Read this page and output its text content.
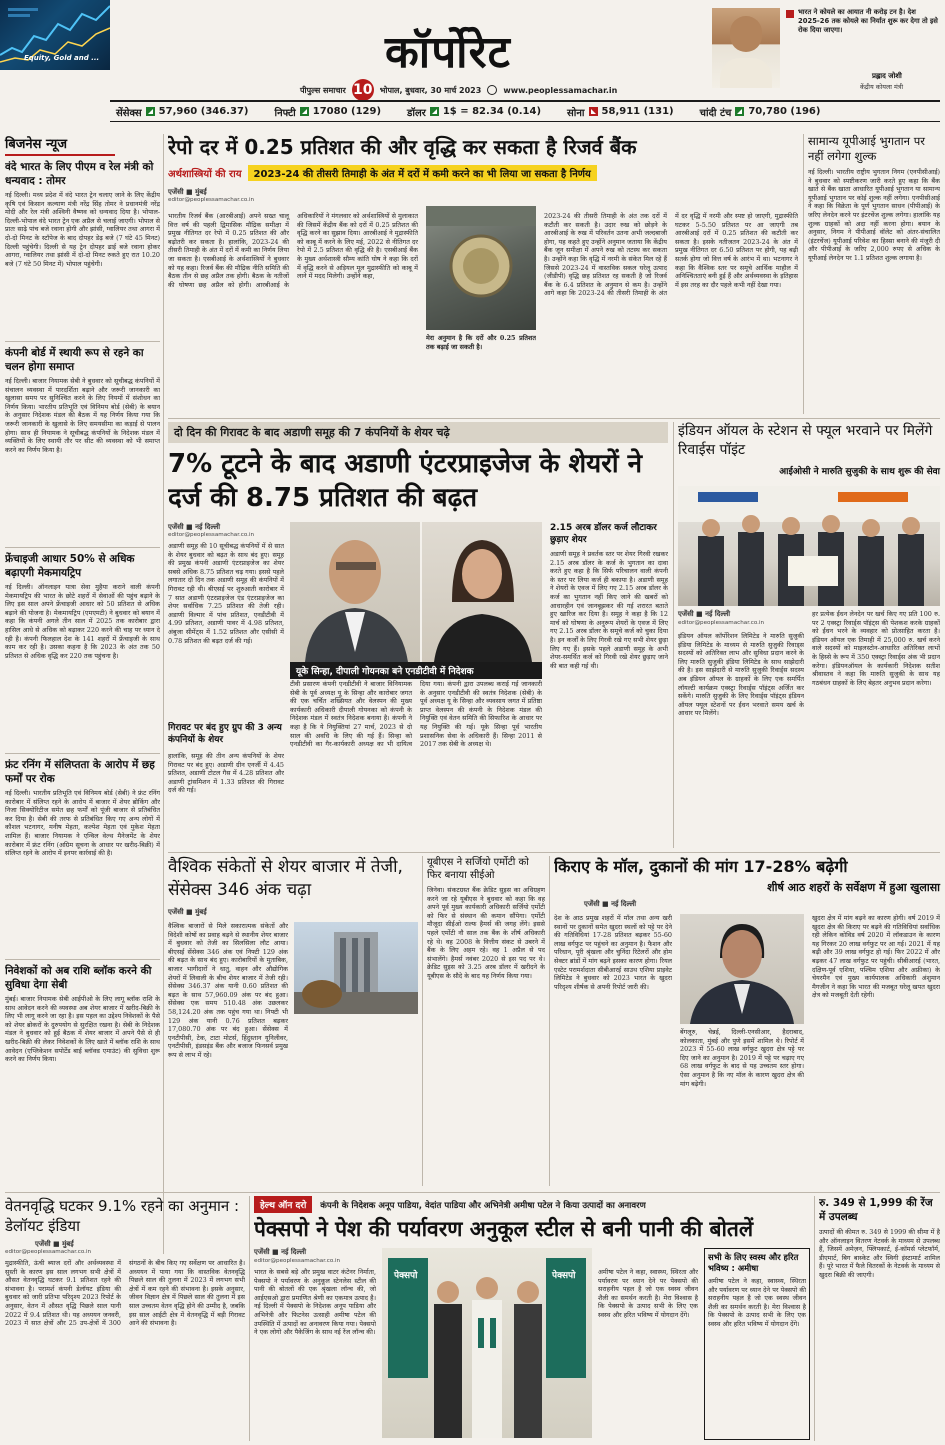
Equity, Gold and ...	कॉर्पोरेट
पीपुल्स समाचार 10 भोपाल, बुधवार, 30 मार्च 2023	www.peoplessamachar.in
भारत ने कोयले का आयात नी करोड़ टन है। देश 2025-26 तक कोयले का निर्यात शुरू कर देगा तो इसे रोक दिया जाएगा।
प्रह्लाद जोशी
केंद्रीय कोयला मंत्री
सेंसेक्स 57,960 (346.37)	निफ्टी 17080 (129)	डॉलर 1$ = 82.34 (0.14)	सोना 58,911 (131)	चांदी टंच 70,780 (196)
बिजनेस न्यूज
वंदे भारत के लिए पीएम व रेल मंत्री को धन्यवाद : तोमर
नई दिल्ली। मध्य प्रदेश में वंदे भारत ट्रेन चलाए जाने के लिए केंद्रीय कृषि एवं किसान कल्याण मंत्री नरेंद्र सिंह तोमर ने प्रधानमंत्री नरेंद्र मोदी और रेल मंत्री अश्विनी वैष्णव को धन्यवाद दिया है। भोपाल-दिल्ली-भोपाल वंदे भारत ट्रेन एक अप्रैल से चलाई जाएगी। भोपाल से प्रातः साढ़े पांच बजे रवाना होगी और झांसी, ग्वालियर तथा आगरा में दो-दो मिनट के स्टॉपेज के बाद दोपहर डेढ़ बजे (7 घंटे 45 मिनट) दिल्ली पहुंचेगी। दिल्ली से यह ट्रेन दोपहर ढाई बजे रवाना होकर आगरा, ग्वालियर तथा झांसी में दो-दो मिनट रुकते हुए रात 10.20 बजे (7 घंटे 50 मिनट में) भोपाल पहुंचेगी।
कंपनी बोर्ड में स्थायी रूप से रहने का चलन होगा समाप्त
नई दिल्ली। बाजार नियामक सेबी ने बुधवार को सूचीबद्ध कंपनियों में संचालन व्यवस्था में पारदर्शिता बढ़ाने और जरूरी जानकारी का खुलासा समय पर सुनिश्चित करने के लिए नियमों में संशोधन का निर्णय किया। भारतीय प्रतिभूति एवं विनिमय बोर्ड (सेबी) के बयान के अनुसार निदेशक मंडल की बैठक में यह निर्णय किया गया कि जरूरी जानकारी के खुलासे के लिए समयसीमा का कड़ाई से पालन होगा। साथ ही नियामक ने सूचीबद्ध कंपनियों के निदेशक मंडल में व्यक्तियों के लिए स्थायी तौर पर सीट की व्यवस्था को भी समाप्त करने का निर्णय किया है।
फ्रेंचाइजी आधार 50% से अधिक बढ़ाएगी मेकमायट्रिप
नई दिल्ली। ऑनलाइन यात्रा सेवा मुहैया कराने वाली कंपनी मेकमायट्रिप की भारत के छोटे शहरों में सेवाओं की पहुंच बढ़ाने के लिए इस साल अपने फ्रेंचाइजी आधार को 50 प्रतिशत से अधिक बढ़ाने की योजना है। मेकमायट्रिप (एमएमटी) ने बुधवार को बयान में कहा कि कंपनी अगले तीन साल में 2025 तक कारोबार द्वारा हासिल आधे से अधिक को बढ़ाकर 220 करने की चाह पर ध्यान दे रही है। कंपनी फिलहाल देश के 141 शहरों में फ्रेंचाइजी के साथ काम कर रही है। उसका कहना है कि 2023 के अंत तक 50 प्रतिशत से अधिक वृद्धि कर 220 तक पहुंचना है।
फ्रंट रनिंग में संलिप्तता के आरोप में छह फर्मों पर रोक
नई दिल्ली। भारतीय प्रतिभूति एवं विनिमय बोर्ड (सेबी) ने फ्रंट रनिंग कारोबार में संलिप्त रहने के आरोप में बाजार में शेयर ब्रोकिंग और निजा सिक्योरिटीज समेत छह फर्मों को पूंजी बाजार से प्रतिबंधित कर दिया है। सेबी की तरफ से प्रतिबंधित किए गए अन्य लोगों में कौशल भटनागर, मनीष मेहता, कल्पेश मेहता एवं मुकेश मेहता शामिल हैं। बाजार नियामक ने एन्विल वेल्थ मैनेजमेंट के शेयर कारोबार में फ्रंट रनिंग (अग्रिम सूचना के आधार पर खरीद-बिक्री) में संलिप्त रहने के आरोप में इनपर कार्रवाई की है।
निवेशकों को अब राशि ब्लॉक करने की सुविधा देगा सेबी
मुंबई। बाजार नियामक सेबी आईपीओ के लिए लागू ब्लॉक राशि के साथ आवेदन करने की व्यवस्था अब शेयर बाजार में खरीद-बिक्री के लिए भी लागू करने जा रहा है। इस पहल का उद्देश्य निवेशकों के पैसे को शेयर ब्रोकरों के दुरुपयोग से सुरक्षित रखना है। सेबी के निदेशक मंडल ने बुधवार को हुई बैठक में शेयर बाजार में अपने पैसे से ही खरीद-बिक्री की लेकर निवेशकों के लिए खाते में ब्लॉक राशि के साथ आवेदन (एप्लिकेशन सपोर्टेड बाई ब्लॉक्ड एमाउंट) की सुविधा शुरू करने का निर्णय किया।
रेपो दर में 0.25 प्रतिशत की और वृद्धि कर सकता है रिजर्व बैंक
अर्थशास्त्रियों की राय	2023-24 की तीसरी तिमाही के अंत में दरों में कमी करने का भी लिया जा सकता है निर्णय
एजेंसी ■ मुंबई
editor@peoplessamachar.co.in
भारतीय रिजर्व बैंक (आरबीआई) अपने सख्त चालू वित्त वर्ष की पहली द्विमासिक मौद्रिक समीक्षा में प्रमुख नीतिगत दर रेपो में 0.25 प्रतिशत की और बढ़ोतरी कर सकता है। हालांकि, 2023-24 की तीसरी तिमाही के अंत में दरों में कमी का निर्णय लिया जा सकता है। एसबीआई के अर्थशास्त्रियों ने बुधवार को यह कहा। रिजर्व बैंक की मौद्रिक नीति समिति की बैठक तीन से छह अप्रैल तक होगी। बैठक के नतीजों की घोषणा छह अप्रैल को होगी। आरबीआई के अधिकारियों ने मंगलवार को अर्थशास्त्रियों से मुलाकात की जिसमें केंद्रीय बैंक को दरों में 0.25 प्रतिशत की वृद्धि करने का सुझाव दिया। आरबीआई ने मुद्रास्फीति को काबू में करने के लिए मई, 2022 से नीतिगत दर रेपो में 2.5 प्रतिशत की वृद्धि की है। एसबीआई बैंक के मुख्य अर्थशास्त्री सौम्य कांति घोष ने कहा कि दरों में वृद्धि करने से अड़ियल मूल मुद्रास्फीति को काबू में लाने में मदद मिलेगी। उन्होंने कहा,
मेरा अनुमान है कि दरों और 0.25 प्रतिशत तक बढ़ाई जा सकती है।
2023-24 की तीसरी तिमाही के अंत तक दरों में कटौती कर सकती है। उदार रुख को छोड़ने के आरबीआई के रुख में परिवर्तन उतना अभी जल्दबाजी होगा, यह कहते हुए उन्होंने अनुमान जताया कि केंद्रीय बैंक जून समीक्षा में अपने रुख को तटस्थ कर सकता है। उन्होंने कहा कि वृद्धि में नरमी के संकेत मिल रहे हैं जिससे 2023-24 में वास्तविक सकल घरेलू उत्पाद (जीडीपी) वृद्धि छह प्रतिशत रह सकती है जो रिजर्व बैंक के 6.4 प्रतिशत के अनुमान से कम है। उन्होंने आगे कहा कि 2023-24 की तीसरी तिमाही के अंत में दर वृद्धि में नरमी और स्पष्ट हो जाएगी, मुद्रास्फीति घटकर 5-5.50 प्रतिशत पर आ जाएगी तब आरबीआई दरों में 0.25 प्रतिशत की कटौती कर सकता है। इसके नतीजतन 2023-24 के अंत में प्रमुख नीतिगत दर 6.50 प्रतिशत पर होगी, यह बढ़ी सतर्क होगा जो वित्त वर्ष के आरंभ में था। भटनागर ने कहा कि वैश्विक स्तर पर समूचे आर्थिक माहौल में अनिश्चितताएं बनी हुई हैं और अर्थव्यवस्था के इतिहास में इस तरह का दौर पहले कभी नहीं देखा गया।
सामान्य यूपीआई भुगतान पर नहीं लगेगा शुल्क
नई दिल्ली। भारतीय राष्ट्रीय भुगतान निगम (एनपीसीआई) ने बुधवार को स्पष्टीकरण जारी करते हुए कहा कि बैंक खाते से बैंक खाता आधारित यूपीआई भुगतान या सामान्य यूपीआई भुगतान पर कोई शुल्क नहीं लगेगा। एनपीसीआई ने कहा कि विक्रेता के पूर्ण भुगतान साधन (पीपीआई) के जरिए लेनदेन करने पर इंटरचेंज शुल्क लगेगा। हालांकि यह शुल्क ग्राहकों को अदा नहीं करना होगा। बयान के अनुसार, निगम ने पीपीआई वॉलेट को अंतर-संचालित (इंटरचेंज) यूपीआई परिवेश का हिस्सा बनाने की मंजूरी दी और पीपीआई के जरिए 2,000 रुपए से अधिक के यूपीआई लेनदेन पर 1.1 प्रतिशत शुल्क लगाया है।
दो दिन की गिरावट के बाद अडाणी समूह की 7 कंपनियों के शेयर चढ़े
7% टूटने के बाद अडाणी एंटरप्राइजेज के शेयरों ने दर्ज की 8.75 प्रतिशत की बढ़त
एजेंसी ■ नई दिल्ली
editor@peoplessamachar.co.in
अडाणी समूह की 10 सूचीबद्ध कंपनियों में से सात के शेयर बुधवार को बढ़त के साथ बंद हुए। समूह की प्रमुख कंपनी अडाणी एंटरप्राइजेज का शेयर सबसे अधिक 8.75 प्रतिशत चढ़ गया। इससे पहले लगातार दो दिन तक अडाणी समूह की कंपनियों में गिरावट रही थी। बीएसई पर शुरुआती कारोबार में 7 सात अडाणी एंटरप्राइजेज एंड एंटरप्राइजेज का शेयर सर्वाधिक 7.25 प्रतिशत की तेजी रही। अडाणी विल्मार में पांच प्रतिशत, एनडीटीवी में 4.99 प्रतिशत, अडाणी पावर में 4.98 प्रतिशत, अंबुजा सीमेंट्स में 1.52 प्रतिशत और एसीसी में 0.78 प्रतिशत की बढ़त दर्ज की गई।
गिरावट पर बंद हुए ग्रुप की 3 अन्य कंपनियों के शेयर
हालांकि, समूह की तीन अन्य कंपनियों के शेयर गिरावट पर बंद हुए। अडाणी ग्रीन एनर्जी में 4.45 प्रतिशत, अडाणी टोटल गैस में 4.28 प्रतिशत और अडाणी ट्रांसमिशन में 1.33 प्रतिशत की गिरावट दर्ज की गई।
यूके सिन्हा, दीपाली गोयनका बने एनडीटीवी में निदेशक
टीवी प्रसारण कंपनी एनडीटीवी ने बाजार विनियामक सेबी के पूर्व अध्यक्ष यू के सिन्हा और कारोबार जगत की एक चर्चित शख्सियत और वेलस्पन की मुख्य कार्यकारी अधिकारी दीपाली गोयनका को कंपनी के निदेशक मंडल में स्वतंत्र निदेशक बनाया है। कंपनी ने कहा है कि ये नियुक्तियां 27 मार्च, 2023 से दो साल की अवधि के लिए की गई हैं। सिन्हा को एनडीटीवी का गैर-कार्यकारी अध्यक्ष का भी दायित्व दिया गया। कंपनी द्वारा उपलब्ध कराई गई जानकारी के अनुसार एनडीटीवी की स्वतंत्र निदेशक (सेबी) के पूर्व अध्यक्ष यू के सिन्हा और व्यवसाय जगत में प्रतिष्ठा प्राप्त वेलस्पन की कंपनी के निदेशक मंडल की नियुक्ति एवं वेतन समिति की सिफारिश के आधार पर यह नियुक्ति की गई। यूके सिन्हा पूर्व भारतीय प्रशासनिक सेवा के अधिकारी हैं। सिन्हा 2011 से 2017 तक सेबी के अध्यक्ष थे।
2.15 अरब डॉलर कर्ज लौटाकर छुड़ाए शेयर
अडाणी समूह ने प्रवर्तक स्तर पर शेयर गिरवी रखकर 2.15 अरब डॉलर के कर्ज के भुगतान का दावा करते हुए कहा है कि सिर्फ परिचालन वाली कंपनी के स्तर पर लिया कर्ज ही बकाया है। अडाणी समूह ने शेयरों के एवज में लिए गए 2.15 अरब डॉलर के कर्ज का भुगतान नहीं किए जाने की खबरों को आधारहीन एवं जानबूझकर की गई शरारत बताते हुए खारिज कर दिया है। समूह ने कहा है कि 12 मार्च को घोषणा के अनुरूप शेयरों के एवज में लिए गए 2.15 अरब डॉलर के समूचे कर्ज को चुका दिया है। इन कर्जों के लिए गिरवी रखे गए सभी शेयर छुड़ा लिए गए हैं। इसके पहले अडाणी समूह के अभी शेयर-समर्थित कर्ज को गिरवी रखे शेयर छुड़ाए जाने की बात कही गई थी।
इंडियन ऑयल के स्टेशन से फ्यूल भरवाने पर मिलेंगे रिवाईस पॉइंट
आईओसी ने मारुति सुजुकी के साथ शुरू की सेवा
एजेंसी ■ नई दिल्ली
editor@peoplessamachar.co.in
इंडियन ऑयल कॉर्पोरेशन लिमिटेड ने मारुति सुजुकी इंडिया लिमिटेड के माध्यम से मारुति सुजुकी रिवाड्स सदस्यों को अतिरिक्त लाभ और सुविधा प्रदान करने के लिए मारुति सुजुकी इंडिया लिमिटेड के साथ साझेदारी की है। इस साझेदारी से मारुति सुजुकी रिवार्ड्स सदस्य अब इंडियन ऑयल के ग्राहकों के लिए एक समर्पित लॉयल्टी कार्यक्रम एक्स्ट्रा रिवार्ड्स पॉइंट्स अर्जित कर सकेंगे। मारुति सुजुकी के लिए रिवार्ड्स पॉइंट्स इंडियन ऑयल फ्यूल स्टेशनों पर ईंधन भरवाते समय खर्च के आधार पर मिलेंगे।
हर प्रत्येक ईंधन लेनदेन पर खर्च किए गए प्रति 100 रु. पर 2 एक्स्ट्रा रिवार्ड्स पॉइंट्स की पेशकश करके ग्राहकों को ईंधन भरने के व्यवहार को प्रोत्साहित करता है। इंडियन ऑयल एक तिमाही में 25,000 रु. खर्च करने वाले सदस्यों को माइलस्टोन-आधारित अतिरिक्त लाभों के हिस्से के रूप में 350 एक्स्ट्रा रिवार्ड्स अंक भी प्रदान करेगा। इंडियनऑयल के कार्यकारी निदेशक सतीश श्रीवास्तव ने कहा कि मारुति सुजुकी के साथ यह गठबंधन ग्राहकों के लिए बेहतर अनुभव प्रदान करेगा।
वैश्विक संकेतों से शेयर बाजार में तेजी, सेंसेक्स 346 अंक चढ़ा
एजेंसी ■ मुंबई
वैश्विक बाजारों से मिले सकारात्मक संकेतों और विदेशी कोषों का प्रवाह बढ़ने से स्थानीय शेयर बाजार में बुधवार को तेजी का सिलसिला लौट आया। बीएसई सेंसेक्स 346 अंक एवं निफ्टी 129 अंक की बढ़त के साथ बंद हुए। कारोबारियों के मुताबिक, बाजार भागीदारों ने धातु, वाहन और औद्योगिक शेयरों में लिवाली के बीच शेयर बाजार में तेजी रही। सेंसेक्स 346.37 अंक यानी 0.60 प्रतिशत की बढ़त के साथ 57,960.09 अंक पर बंद हुआ। सेंसेक्स एक समय 510.48 अंक उछलकर 58,124.20 अंक तक पहुंच गया था। निफ्टी भी 129 अंक यानी 0.76 प्रतिशत बढ़कर 17,080.70 अंक पर बंद हुआ। सेंसेक्स में एनटीपीसी, टेक, टाटा मोटर्स, हिंदुस्तान यूनिलीवर, एनटीपीसी, इंडसइंड बैंक और बजाज फिनसर्व प्रमुख रूप से लाभ में रहे।
यूबीएस ने सर्जियो एर्मोटी को फिर बनाया सीईओ
जिनेवा। संकटग्रस्त बैंक क्रेडिट सुइस का अधिग्रहण करने जा रहे यूबीएस ने बुधवार को कहा कि वह अपने पूर्व मुख्य कार्यकारी अधिकारी सर्जियो एर्मोटी को फिर से संस्थान की कमान सौंपेगा। एर्मोटी मौजूदा सीईओ राल्फ हैमर्स की जगह लेंगे। इससे पहले एर्मोटी नौ साल तक बैंक के शीर्ष अधिकारी रहे थे। वह 2008 के वित्तीय संकट से उबरने में बैंक के लिए अहम रहे। वह 1 अप्रैल से पद संभालेंगे। हैमर्स नवंबर 2020 से इस पद पर थे। क्रेडिट सुइस को 3.25 अरब डॉलर में खरीदने के यूबीएस के सौदे के बाद यह निर्णय किया गया।
किराए के मॉल, दुकानों की मांग 17-28% बढ़ेगी
शीर्ष आठ शहरों के सर्वेक्षण में हुआ खुलासा
एजेंसी ■ नई दिल्ली
देश के आठ प्रमुख शहरों में मॉल तथा अन्य खरी स्थानों पर दुकानों समेत खुदरा स्थलों को पट्टे पर देने की गतिविधियां 17-28 प्रतिशत बढ़कर 55-60 लाख वर्गफुट पर पहुंचने का अनुमान है। फैशन और परिधान, पूरी श्रृंखला और चुनिंदा रिटेलरों और होम सेक्टर ब्रांडों में मांग बढ़ने इसका कारण होगा। रियल एस्टेट परामर्शदाता सीबीआरई साउथ एशिया प्राइवेट लिमिटेड ने बुधवार को 2023 भारत के खुदरा परिदृश्य शीर्षक से अपनी रिपोर्ट जारी की।
बेंगलूरु, चेन्नई, दिल्ली-एनसीआर, हैदराबाद, कोलकाता, मुंबई और पुणे इसमें शामिल थे। रिपोर्ट में 2023 में 55-60 लाख वर्गफुट खुदरा क्षेत्र पट्टे पर दिए जाने का अनुमान है। 2019 में पट्टे पर चढ़ाए गए 68 लाख वर्गफुट के बाद से यह उच्चतम स्तर होगा। ऐसा अनुमान है कि नए मॉल के कारण खुदरा क्षेत्र की मांग बढ़ेगी।
खुदरा क्षेत्र में मांग बढ़ने का कारण होगी। वर्ष 2019 में खुदरा क्षेत्र की किराए पर बढ़ने की गतिविधियां सर्वाधिक रही लेकिन कोविड वर्ष 2020 में लॉकडाउन के कारण यह गिरकर 20 लाख वर्गफुट पर आ गई। 2021 में यह बढ़ी और 39 लाख वर्गफुट हो गई। फिर 2022 में और बढ़कर 47 लाख वर्गफुट पर पहुंची। सीबीआरई (भारत, दक्षिण-पूर्व एशिया, पश्चिम एशिया और अफ्रीका) के चेयरमैन एवं मुख्य कार्यपालक अधिकारी अंशुमान मैगजीन ने कहा कि भारत की मजबूत घरेलू खपत खुदरा क्षेत्र को मजबूती देती रहेगी।
वेतनवृद्धि घटकर 9.1% रहने का अनुमान : डेलॉयट इंडिया
एजेंसी ■ मुंबई
editor@peoplessamachar.co.in
मुद्रास्फीति, ऊंची ब्याज दरों और अर्थव्यवस्था में सुस्ती के कारण इस साल लगभग सभी क्षेत्रों में औसत वेतनवृद्धि घटकर 9.1 प्रतिशत रहने की संभावना है। परामर्श कंपनी डेलॉयट इंडिया की बुधवार को जारी प्रतिभा परिदृश्य 2023 रिपोर्ट के अनुसार, वेतन में औसत वृद्धि पिछले साल यानी 2022 में 9.4 प्रतिशत थी। यह अध्ययन जनवरी, 2023 में सात क्षेत्रों और 25 उप-क्षेत्रों में 300 संगठनों के बीच किए गए सर्वेक्षण पर आधारित है। अध्ययन में पाया गया कि वास्तविक वेतनवृद्धि पिछले साल की तुलना में 2023 में लगभग सभी क्षेत्रों में कम रहने की संभावना है। इसके अनुसार, जीवन विज्ञान क्षेत्र में पिछले साल की तुलना में इस साल उच्चतम वेतन वृद्धि होने की उम्मीद है, जबकि इस साल आईटी क्षेत्र में वेतनवृद्धि में बड़ी गिरावट आने की संभावना है।
हेल्थ ऑन दरो	कंपनी के निदेशक अनूप पाडिया, वेदांत पाडिया और अभिनेत्री अमीषा पटेल ने किया उत्पादों का अनावरण
पेक्सपो ने पेश की पर्यावरण अनुकूल स्टील से बनी पानी की बोतलें
एजेंसी ■ नई दिल्ली
editor@peoplessamachar.co.in
भारत के सबसे बड़े और प्रमुख वाटर कंटेनर निर्माता, पेक्सपो ने पर्यावरण के अनुकूल स्टेनलेस स्टील की पानी की बोतलों की एक श्रृंखला लॉन्च की, जो आईएसओ द्वारा प्रमाणित श्रेणी का एकमात्र उत्पाद है। नई दिल्ली में पेक्सपो के निदेशक अनूप पाडिया और अभिनेत्री और फिटनेस उत्साही अमीषा पटेल की उपस्थिति में उत्पादों का अनावरण किया गया। पेक्सपो ने एक लोगो और पैकेजिंग के साथ नई रेंज लॉन्च की।
पेक्सपो	पेक्सपो	अमीषा पटेल ने कहा, स्वास्थ्य, स्थिरता और पर्यावरण पर ध्यान देने पर पेक्सपो की सराहनीय पहल है जो एक स्वस्थ जीवन शैली का समर्थन करती है। मेरा विश्वास है कि पेक्सपो के उत्पाद सभी के लिए एक स्वस्थ और हरित भविष्य में योगदान देंगे।
सभी के लिए स्वस्थ और हरित भविष्य : अमीषा
अमीषा पटेल ने कहा, स्वास्थ्य, स्थिरता और पर्यावरण पर ध्यान देने पर पेक्सपो की सराहनीय पहल है जो एक स्वस्थ जीवन शैली का समर्थन करती है। मेरा विश्वास है कि पेक्सपो के उत्पाद सभी के लिए एक स्वस्थ और हरित भविष्य में योगदान देंगे।
रु. 349 से 1,999 की रेंज में उपलब्ध
उत्पादों की कीमत रु. 349 से 1999 की सीमा में है और ऑनलाइन वितरण नेटवर्क के माध्यम से उपलब्ध हैं, जिसमें अमेज़न, फ्लिपकार्ट, ई-कॉमर्स प्लेटफॉर्म, डीएमार्ट, बिग बास्केट और स्विगी इंस्टामार्ट शामिल हैं। पूरे भारत में फैले वितरकों के नेटवर्क के माध्यम से खुदरा बिक्री की जाएगी।
